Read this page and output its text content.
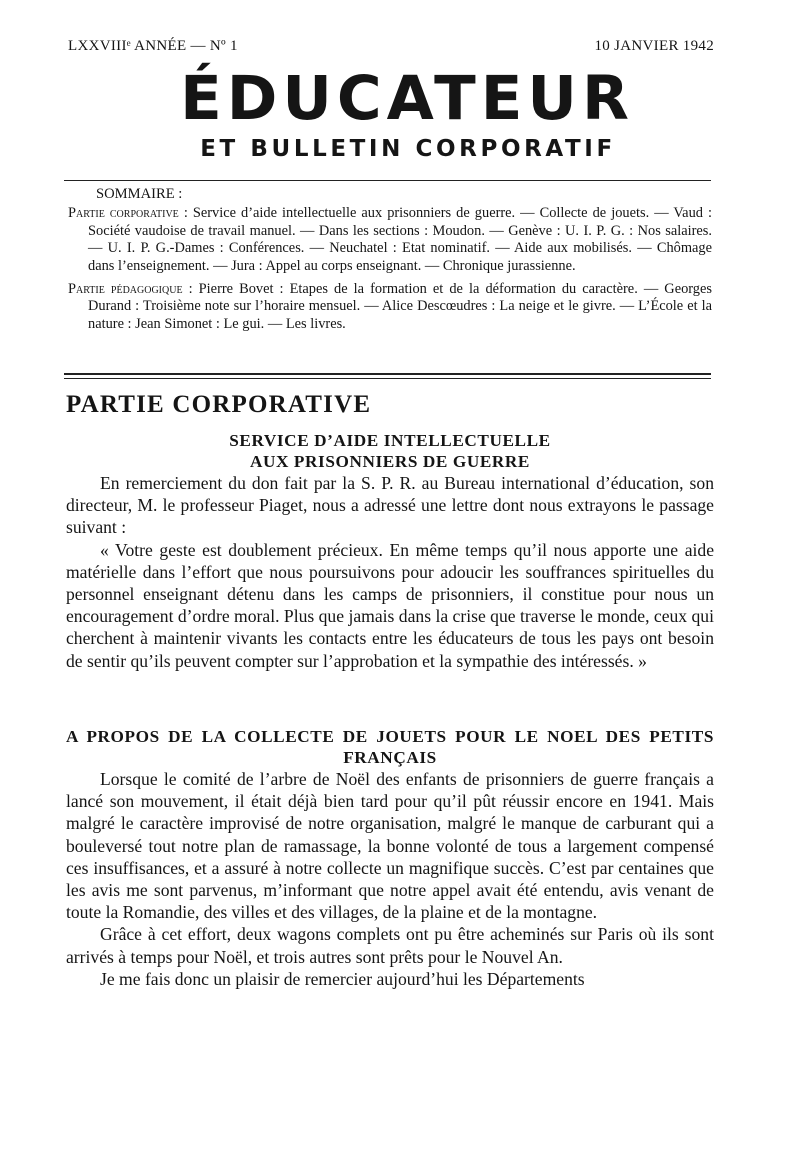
LXXVIIIᵉ ANNÉE — Nº 1	10 JANVIER 1942
ÉDUCATEUR
ET BULLETIN CORPORATIF
SOMMAIRE :

Partie corporative : Service d’aide intellectuelle aux prisonniers de guerre. — Collecte de jouets. — Vaud : Société vaudoise de travail manuel. — Dans les sections : Moudon. — Genève : U. I. P. G. : Nos salaires. — U. I. P. G.-Dames : Conférences. — Neuchatel : Etat nominatif. — Aide aux mobilisés. — Chômage dans l’enseignement. — Jura : Appel au corps enseignant. — Chronique jurassienne.

Partie pédagogique : Pierre Bovet : Etapes de la formation et de la déformation du caractère. — Georges Durand : Troisième note sur l’horaire mensuel. — Alice Descœudres : La neige et le givre. — L’École et la nature : Jean Simonet : Le gui. — Les livres.

PARTIE CORPORATIVE
SERVICE D’AIDE INTELLECTUELLE
AUX PRISONNIERS DE GUERRE

En remerciement du don fait par la S. P. R. au Bureau international d’éducation, son directeur, M. le professeur Piaget, nous a adressé une lettre dont nous extrayons le passage suivant :

« Votre geste est doublement précieux. En même temps qu’il nous apporte une aide matérielle dans l’effort que nous poursuivons pour adoucir les souffrances spirituelles du personnel enseignant détenu dans les camps de prisonniers, il constitue pour nous un encouragement d’ordre moral. Plus que jamais dans la crise que traverse le monde, ceux qui cherchent à maintenir vivants les contacts entre les éducateurs de tous les pays ont besoin de sentir qu’ils peuvent compter sur l’approbation et la sympathie des intéressés. »

A PROPOS DE LA COLLECTE DE JOUETS POUR LE NOEL DES PETITS FRANÇAIS

Lorsque le comité de l’arbre de Noël des enfants de prisonniers de guerre français a lancé son mouvement, il était déjà bien tard pour qu’il pût réussir encore en 1941. Mais malgré le caractère improvisé de notre organisation, malgré le manque de carburant qui a bouleversé tout notre plan de ramassage, la bonne volonté de tous a largement compensé ces insuffisances, et a assuré à notre collecte un magnifique succès. C’est par centaines que les avis me sont parvenus, m’informant que notre appel avait été entendu, avis venant de toute la Romandie, des villes et des villages, de la plaine et de la montagne.

Grâce à cet effort, deux wagons complets ont pu être acheminés sur Paris où ils sont arrivés à temps pour Noël, et trois autres sont prêts pour le Nouvel An.

Je me fais donc un plaisir de remercier aujourd’hui les Départements
